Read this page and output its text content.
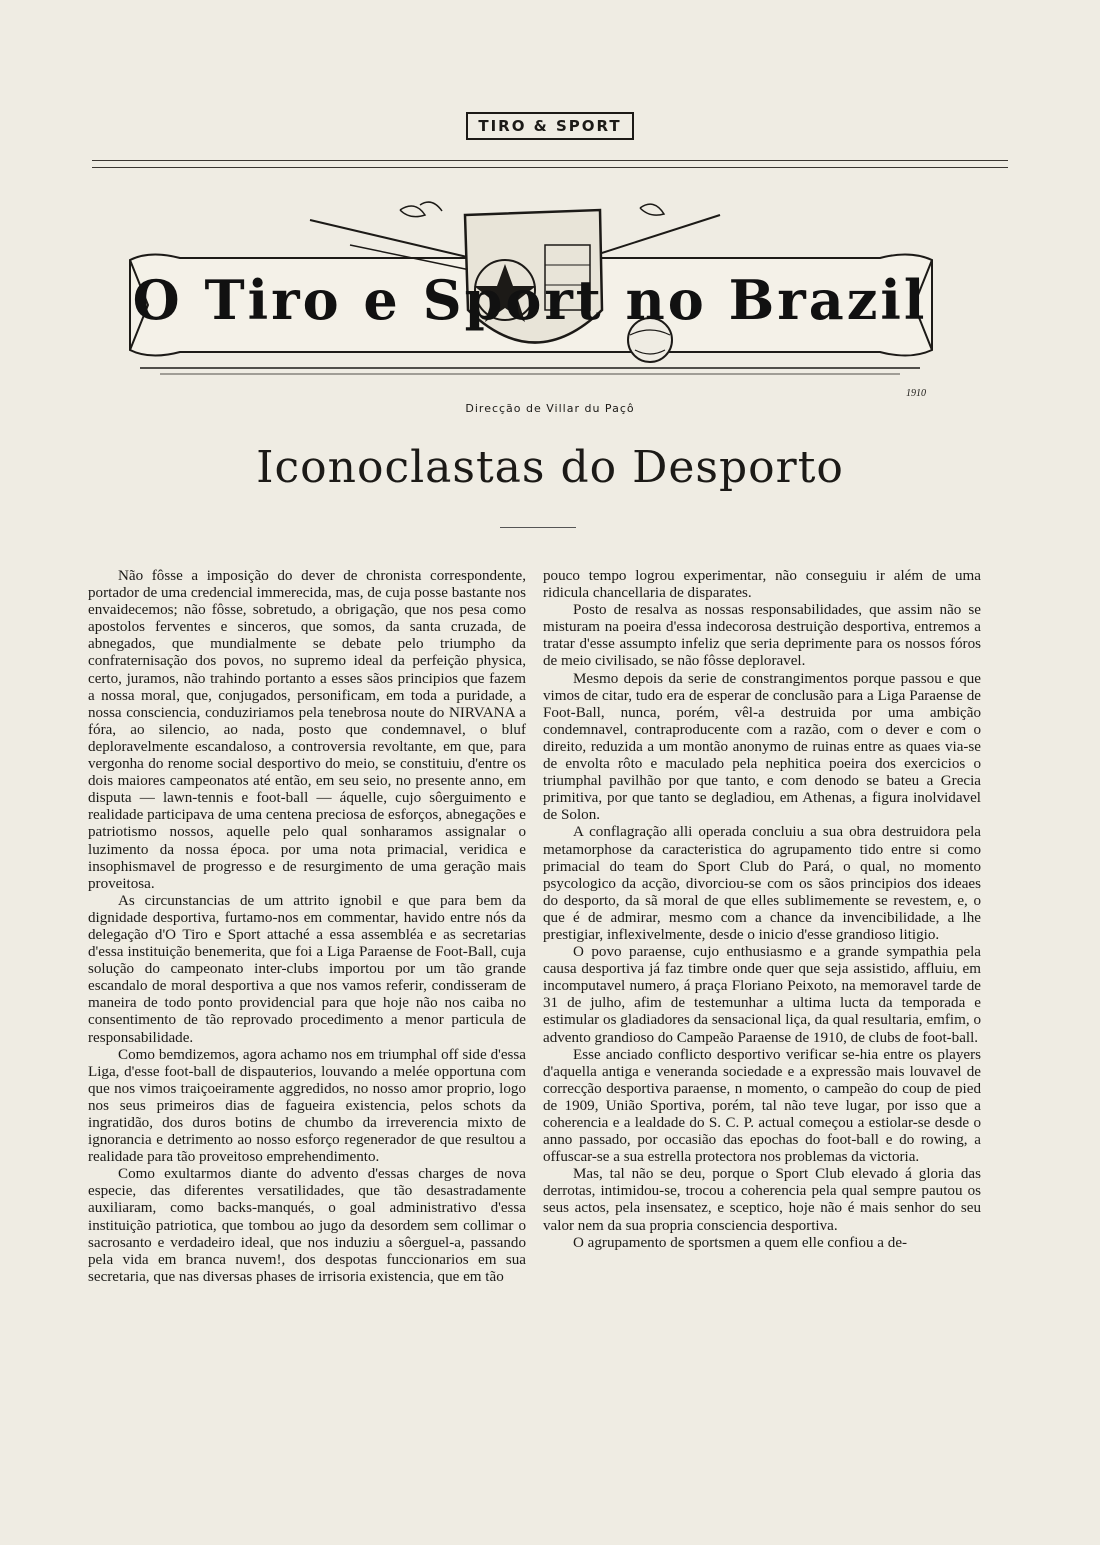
TIRO & SPORT
O Tiro e Sport no Brazil
1910
Direcção de Villar du Paçô
Iconoclastas do Desporto

Não fôsse a imposição do dever de chronista correspondente, portador de uma credencial immerecida, mas, de cuja posse bastante nos envaidecemos; não fôsse, sobretudo, a obrigação, que nos pesa como apostolos ferventes e sinceros, que somos, da santa cruzada, de abnegados, que mundialmente se debate pelo triumpho da confraternisação dos povos, no supremo ideal da perfeição physica, certo, juramos, não trahindo portanto a esses sãos principios que fazem a nossa moral, que, conjugados, personificam, em toda a puridade, a nossa consciencia, conduziriamos pela tenebrosa noute do NIRVANA a fóra, ao silencio, ao nada, posto que condemnavel, o bluf deploravelmente escandaloso, a controversia revoltante, em que, para vergonha do renome social desportivo do meio, se constituiu, d'entre os dois maiores campeonatos até então, em seu seio, no presente anno, em disputa — lawn-tennis e foot-ball — áquelle, cujo sôerguimento e realidade participava de uma centena preciosa de esforços, abnegações e patriotismo nossos, aquelle pelo qual sonharamos assignalar o luzimento da nossa época. por uma nota primacial, veridica e insophismavel de progresso e de resurgimento de uma geração mais proveitosa.

As circunstancias de um attrito ignobil e que para bem da dignidade desportiva, furtamo-nos em commentar, havido entre nós da delegação d'O Tiro e Sport attaché a essa assembléa e as secretarias d'essa instituição benemerita, que foi a Liga Paraense de Foot-Ball, cuja solução do campeonato inter-clubs importou por um tão grande escandalo de moral desportiva a que nos vamos referir, condisseram de maneira de todo ponto providencial para que hoje não nos caiba no consentimento de tão reprovado procedimento a menor particula de responsabilidade.

Como bemdizemos, agora achamo nos em triumphal off side d'essa Liga, d'esse foot-ball de dispauterios, louvando a melée opportuna com que nos vimos traiçoeiramente aggredidos, no nosso amor proprio, logo nos seus primeiros dias de fagueira existencia, pelos schots da ingratidão, dos duros botins de chumbo da irreverencia mixto de ignorancia e detrimento ao nosso esforço regenerador de que resultou a realidade para tão proveitoso emprehendimento.

Como exultarmos diante do advento d'essas charges de nova especie, das diferentes versatilidades, que tão desastradamente auxiliaram, como backs-manqués, o goal administrativo d'essa instituição patriotica, que tombou ao jugo da desordem sem collimar o sacrosanto e verdadeiro ideal, que nos induziu a sôerguel-a, passando pela vida em branca nuvem!, dos despotas funccionarios em sua secretaria, que nas diversas phases de irrisoria existencia, que em tão

pouco tempo logrou experimentar, não conseguiu ir além de uma ridicula chancellaria de disparates.

Posto de resalva as nossas responsabilidades, que assim não se misturam na poeira d'essa indecorosa destruição desportiva, entremos a tratar d'esse assumpto infeliz que seria deprimente para os nossos fóros de meio civilisado, se não fôsse deploravel.

Mesmo depois da serie de constrangimentos porque passou e que vimos de citar, tudo era de esperar de conclusão para a Liga Paraense de Foot-Ball, nunca, porém, vêl-a destruida por uma ambição condemnavel, contraproducente com a razão, com o dever e com o direito, reduzida a um montão anonymo de ruinas entre as quaes via-se de envolta rôto e maculado pela nephitica poeira dos exercicios o triumphal pavilhão por que tanto, e com denodo se bateu a Grecia primitiva, por que tanto se degladiou, em Athenas, a figura inolvidavel de Solon.

A conflagração alli operada concluiu a sua obra destruidora pela metamorphose da caracteristica do agrupamento tido entre si como primacial do team do Sport Club do Pará, o qual, no momento psycologico da acção, divorciou-se com os sãos principios dos ideaes do desporto, da sã moral de que elles sublimemente se revestem, e, o que é de admirar, mesmo com a chance da invencibilidade, a lhe prestigiar, inflexivelmente, desde o inicio d'esse grandioso litigio.

O povo paraense, cujo enthusiasmo e a grande sympathia pela causa desportiva já faz timbre onde quer que seja assistido, affluiu, em incomputavel numero, á praça Floriano Peixoto, na memoravel tarde de 31 de julho, afim de testemunhar a ultima lucta da temporada e estimular os gladiadores da sensacional liça, da qual resultaria, emfim, o advento grandioso do Campeão Paraense de 1910, de clubs de foot-ball.

Esse anciado conflicto desportivo verificar se-hia entre os players d'aquella antiga e veneranda sociedade e a expressão mais louvavel de correcção desportiva paraense, n momento, o campeão do coup de pied de 1909, União Sportiva, porém, tal não teve lugar, por isso que a coherencia e a lealdade do S. C. P. actual começou a estiolar-se desde o anno passado, por occasião das epochas do foot-ball e do rowing, a offuscar-se a sua estrella protectora nos problemas da victoria.

Mas, tal não se deu, porque o Sport Club elevado á gloria das derrotas, intimidou-se, trocou a coherencia pela qual sempre pautou os seus actos, pela insensatez, e sceptico, hoje não é mais senhor do seu valor nem da sua propria consciencia desportiva.

O agrupamento de sportsmen a quem elle confiou a de-
